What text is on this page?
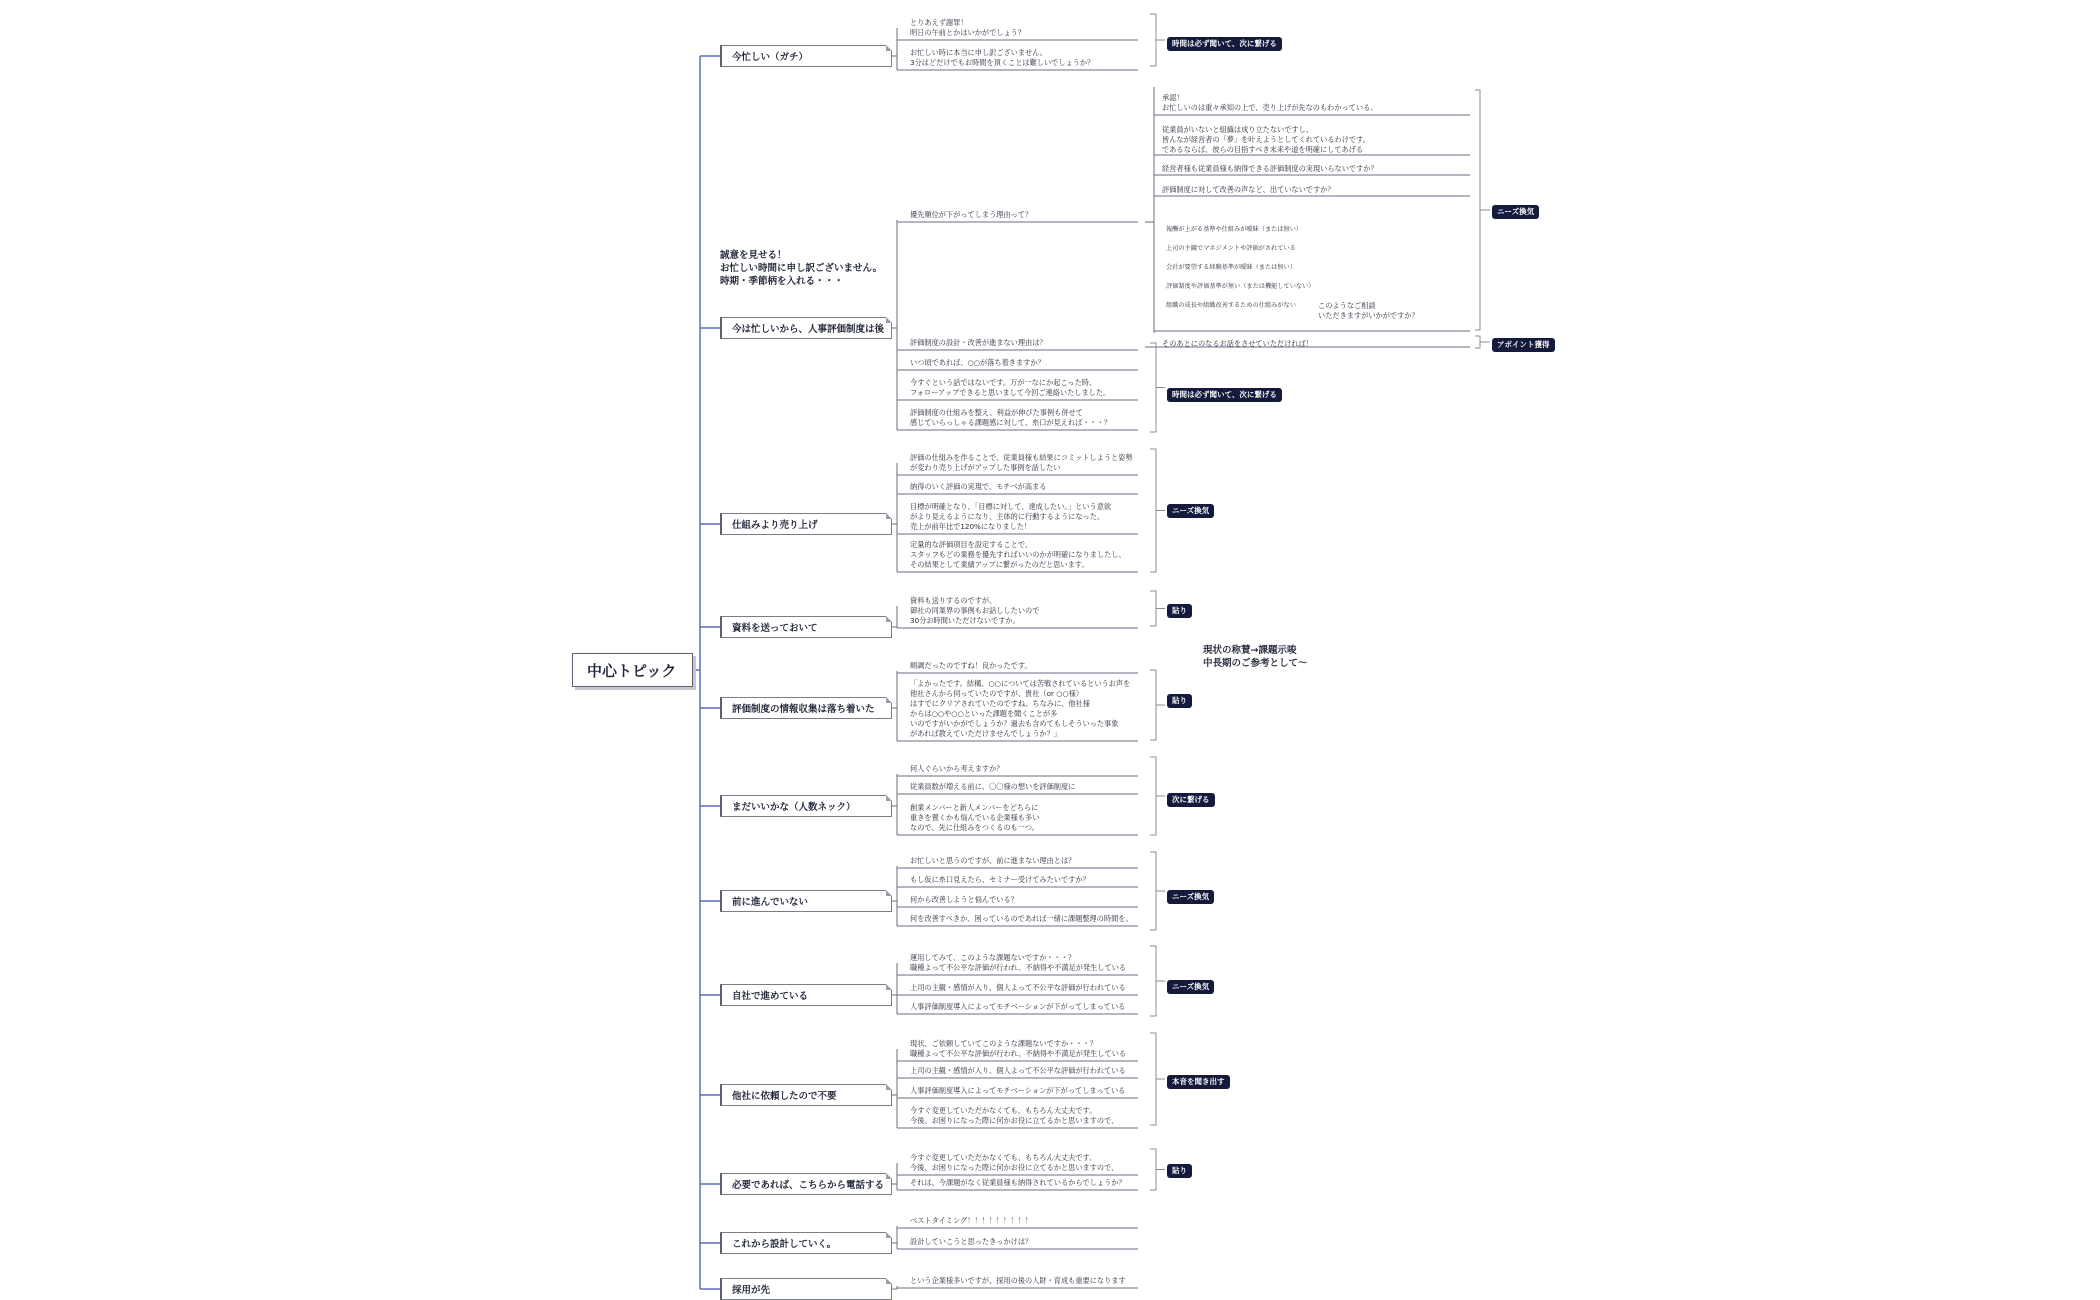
中心トピック
誠意を見せる！
お忙しい時間に申し訳ございません。
時期・季節柄を入れる・・・
現状の称賛→課題示唆
中長期のご参考として～
今忙しい（ガチ）
今は忙しいから、人事評価制度は後
仕組みより売り上げ
資料を送っておいて
評価制度の情報収集は落ち着いた
まだいいかな（人数ネック）
前に進んでいない
自社で進めている
他社に依頼したので不要
必要であれば、こちらから電話する
これから設計していく。
採用が先
とりあえず謝罪！
明日の午前とかはいかがでしょう？
お忙しい時に本当に申し訳ございません。
3分はどだけでもお時間を頂くことは難しいでしょうか？
優先順位が下がってしまう理由って？
評価制度の設計・改善が進まない理由は？
いつ頃であれば、○○が落ち着きますか？
今すぐという話ではないです。万が一なにか起こった時、
フォローアップできると思いまして今回ご連絡いたしました。
評価制度の仕組みを整え、利益が伸びた事例も併せて
感じていらっしゃる課題感に対して、糸口が見えれば・・・？
評価の仕組みを作ることで、従業員様も結果にコミットしようと姿勢
が変わり売り上げがアップした事例を話したい
納得のいく評価の実現で、モチベが高まる
目標が明確となり、「目標に対して、達成したい。」という意欲
がより見えるようになり、主体的に行動するようになった。
売上が前年比で120%になりました！
定量的な評価項目を設定することで、
スタッフもどの業務を優先すればいいのかが明確になりましたし、
その結果として業績アップに繋がったのだと思います。
資料も送りするのですが、
御社の同業界の事例もお話ししたいので
30分お時間いただけないですか。
順調だったのですね！良かったです。
「よかったです。結構、○○については苦戦されているというお声を
他社さんから伺っていたのですが、貴社（or ○○様）
はすでにクリアされていたのですね。ちなみに、他社様
からは○○や○○といった課題を聞くことが多
いのですがいかがでしょうか？過去も含めてもしそういった事象
があれば教えていただけませんでしょうか？」
何人ぐらいから考えますか？
従業員数が増える前に、〇〇様の想いを評価制度に
創業メンバーと新人メンバーをどちらに
重きを置くかも悩んでいる企業様も多い
なので、先に仕組みをつくるのも一つ。
お忙しいと思うのですが、前に進まない理由とは？
もし仮に糸口見えたら、セミナー受けてみたいですか？
何から改善しようと悩んでいる？
何を改善すべきか、困っているのであれば一緒に課題整理の時間を。
運用してみて、このような課題ないですか・・・？
職種よって不公平な評価が行われ、不納得や不満足が発生している
上司の主観・感情が入り、個人よって不公平な評価が行われている
人事評価制度導入によってモチベーションが下がってしまっている
現状、ご依頼していてこのような課題ないですか・・・？
職種よって不公平な評価が行われ、不納得や不満足が発生している
上司の主観・感情が入り、個人よって不公平な評価が行われている
人事評価制度導入によってモチベーションが下がってしまっている
今すぐ変更していただかなくても、もちろん大丈夫です。
今後、お困りになった際に何かお役に立てるかと思いますので、
今すぐ変更していただかなくても、もちろん大丈夫です。
今後、お困りになった際に何かお役に立てるかと思いますので、
それは、今課題がなく従業員様も納得されているからでしょうか？
ベストタイミング！！！！！！！！！
設計していこうと思ったきっかけは？
という企業様多いですが、採用の後の人財・育成も重要になります
承認！
お忙しいのは重々承知の上で、売り上げが先なのもわかっている。
従業員がいないと組織は成り立たないですし、
皆んなが経営者の「夢」を叶えようとしてくれているわけです。
であるならば、彼らの目指すべき未来や道を明確にしてあげる
経営者様も従業員様も納得できる評価制度の実現いらないですか？
評価制度に対して改善の声など、出ていないですか？
報酬が上がる基準や仕組みが曖昧（または無い）
上司の主観でマネジメントや評価がされている
会社が要望する経験基準が曖昧（または無い）
評価制度や評価基準が無い（または機能していない）
組織の成長や組織改善するための仕組みがない	このようなご相談
いただきますがいかがですか？
そのあとにのなるお話をさせていただければ！
時間は必ず聞いて、次に繋げる
ニーズ換気
アポイント獲得
時間は必ず聞いて、次に繋げる
ニーズ換気
貼り
貼り
次に繋げる
ニーズ換気
ニーズ換気
本音を聞き出す
貼り
